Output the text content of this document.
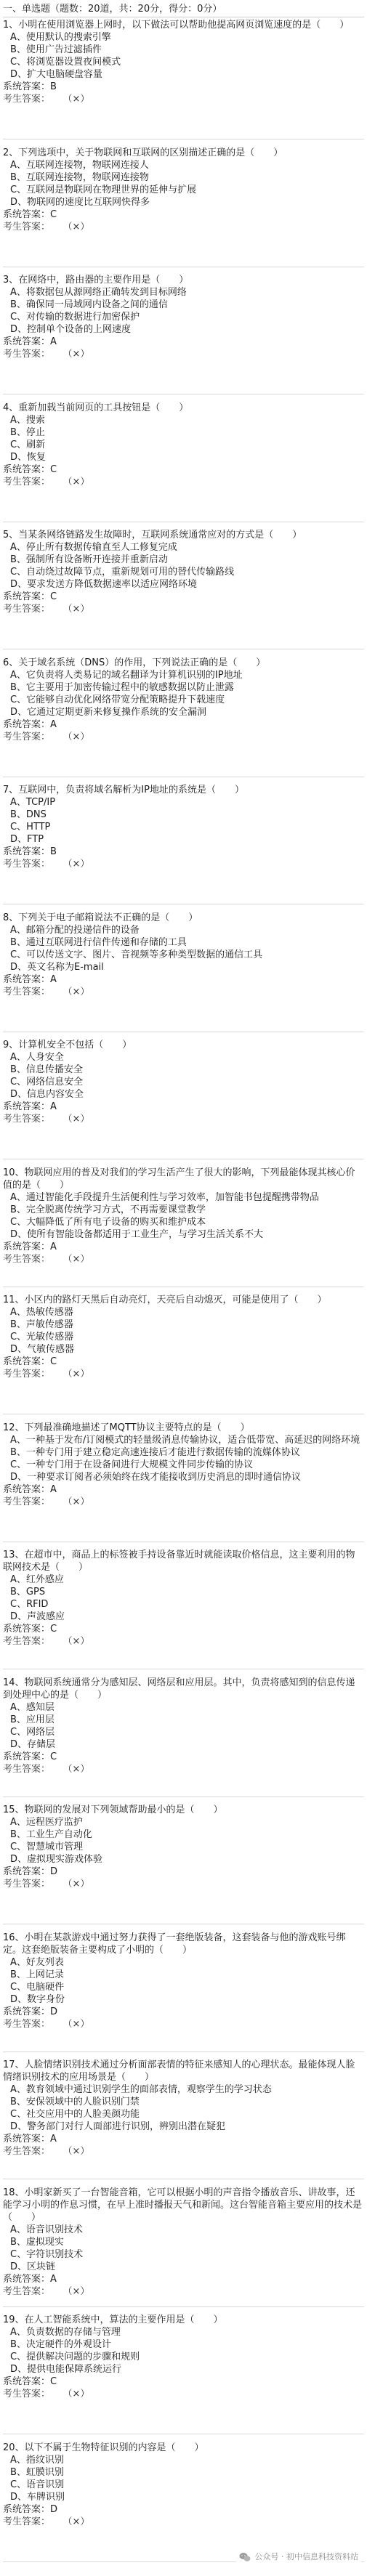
一、单选题（题数：20道，共：20分，得分：0分）
1、小明在使用浏览器上网时，以下做法可以帮助他提高网页浏览速度的是（　　）
A、使用默认的搜索引擎
B、使用广告过滤插件
C、将浏览器设置夜间模式
D、扩大电脑硬盘容量
系统答案：B
考生答案： （×）
2、下列选项中，关于物联网和互联网的区别描述正确的是（　　）
A、互联网连接物，物联网连接人
B、互联网连接物，物联网连接物
C、互联网是物联网在物理世界的延伸与扩展
D、物联网的速度比互联网快得多
系统答案：C
考生答案： （×）
3、在网络中，路由器的主要作用是（　　）
A、将数据包从源网络正确转发到目标网络
B、确保同一局域网内设备之间的通信
C、对传输的数据进行加密保护
D、控制单个设备的上网速度
系统答案：A
考生答案： （×）
4、重新加载当前网页的工具按钮是（　　）
A、搜索
B、停止
C、刷新
D、恢复
系统答案：C
考生答案： （×）
5、当某条网络链路发生故障时，互联网系统通常应对的方式是（　　）
A、停止所有数据传输直至人工修复完成
B、强制所有设备断开连接并重新启动
C、自动绕过故障节点，重新规划可用的替代传输路线
D、要求发送方降低数据速率以适应网络环境
系统答案：C
考生答案： （×）
6、关于域名系统（DNS）的作用，下列说法正确的是（　　）
A、它负责将人类易记的域名翻译为计算机识别的IP地址
B、它主要用于加密传输过程中的敏感数据以防止泄露
C、它能够自动优化网络带宽分配策略提升下载速度
D、它通过定期更新来修复操作系统的安全漏洞
系统答案：A
考生答案： （×）
7、互联网中，负责将域名解析为IP地址的系统是（　　）
A、TCP/IP
B、DNS
C、HTTP
D、FTP
系统答案：B
考生答案： （×）
8、下列关于电子邮箱说法不正确的是（　　）
A、邮箱分配的投递信件的设备
B、通过互联网进行信件传递和存储的工具
C、可以传送文字、图片、音视频等多种类型数据的通信工具
D、英文名称为E-mail
系统答案：A
考生答案： （×）
9、计算机安全不包括（　　）
A、人身安全
B、信息传播安全
C、网络信息安全
D、信息内容安全
系统答案：A
考生答案： （×）
10、物联网应用的普及对我们的学习生活产生了很大的影响，下列最能体现其核心价值的是（　　）
A、通过智能化手段提升生活便利性与学习效率，加智能书包提醒携带物品
B、完全脱离传统学习方式，不再需要课堂教学
C、大幅降低了所有电子设备的购买和维护成本
D、使所有智能设备都适用于工业生产，与学习生活关系不大
系统答案：A
考生答案： （×）
11、小区内的路灯天黑后自动亮灯，天亮后自动熄灭，可能是使用了（　　）
A、热敏传感器
B、声敏传感器
C、光敏传感器
D、气敏传感器
系统答案：C
考生答案： （×）
12、下列最准确地描述了MQTT协议主要特点的是（　　）
A、一种基于发布/订阅模式的轻量级消息传输协议，适合低带宽、高延迟的网络环境
B、一种专门用于建立稳定高速连接后才能进行数据传输的流媒体协议
C、一种专门用于在设备间进行大规模文件同步传输的协议
D、一种要求订阅者必须始终在线才能接收到历史消息的即时通信协议
系统答案：A
考生答案： （×）
13、在超市中，商品上的标签被手持设备靠近时就能读取价格信息，这主要利用的物联网技术是（　　）
A、红外感应
B、GPS
C、RFID
D、声波感应
系统答案：C
考生答案： （×）
14、物联网系统通常分为感知层、网络层和应用层。其中，负责将感知到的信息传递到处理中心的是（　　）
A、感知层
B、应用层
C、网络层
D、存储层
系统答案：C
考生答案： （×）
15、物联网的发展对下列领域帮助最小的是（　　）
A、远程医疗监护
B、工业生产自动化
C、智慧城市管理
D、虚拟现实游戏体验
系统答案：D
考生答案： （×）
16、小明在某款游戏中通过努力获得了一套绝版装备，这套装备与他的游戏账号绑定。这套绝版装备主要构成了小明的（　　）
A、好友列表
B、上网记录
C、电脑硬件
D、数字身份
系统答案：D
考生答案： （×）
17、人脸情绪识别技术通过分析面部表情的特征来感知人的心理状态。最能体现人脸情绪识别技术的应用场景是（　　）
A、教育领域中通过识别学生的面部表情，观察学生的学习状态
B、安保领域中的人脸识别门禁
C、社交应用中的人脸美颜功能
D、警务部门对行人面部进行识别，辨别出潜在疑犯
系统答案：A
考生答案： （×）
18、小明家新买了一台智能音箱，它可以根据小明的声音指令播放音乐、讲故事，还能学习小明的作息习惯，在早上准时播报天气和新闻。这台智能音箱主要应用的技术是（　　）
A、语音识别技术
B、虚拟现实
C、字符识别技术
D、区块链
系统答案：A
考生答案： （×）
19、在人工智能系统中，算法的主要作用是（　　）
A、负责数据的存储与管理
B、决定硬件的外观设计
C、提供解决问题的步骤和规则
D、提供电能保障系统运行
系统答案：C
考生答案： （×）
20、以下不属于生物特征识别的内容是（　　）
A、指纹识别
B、虹膜识别
C、语音识别
D、车牌识别
系统答案：D
考生答案： （×）
公众号 · 初中信息科技资料站
